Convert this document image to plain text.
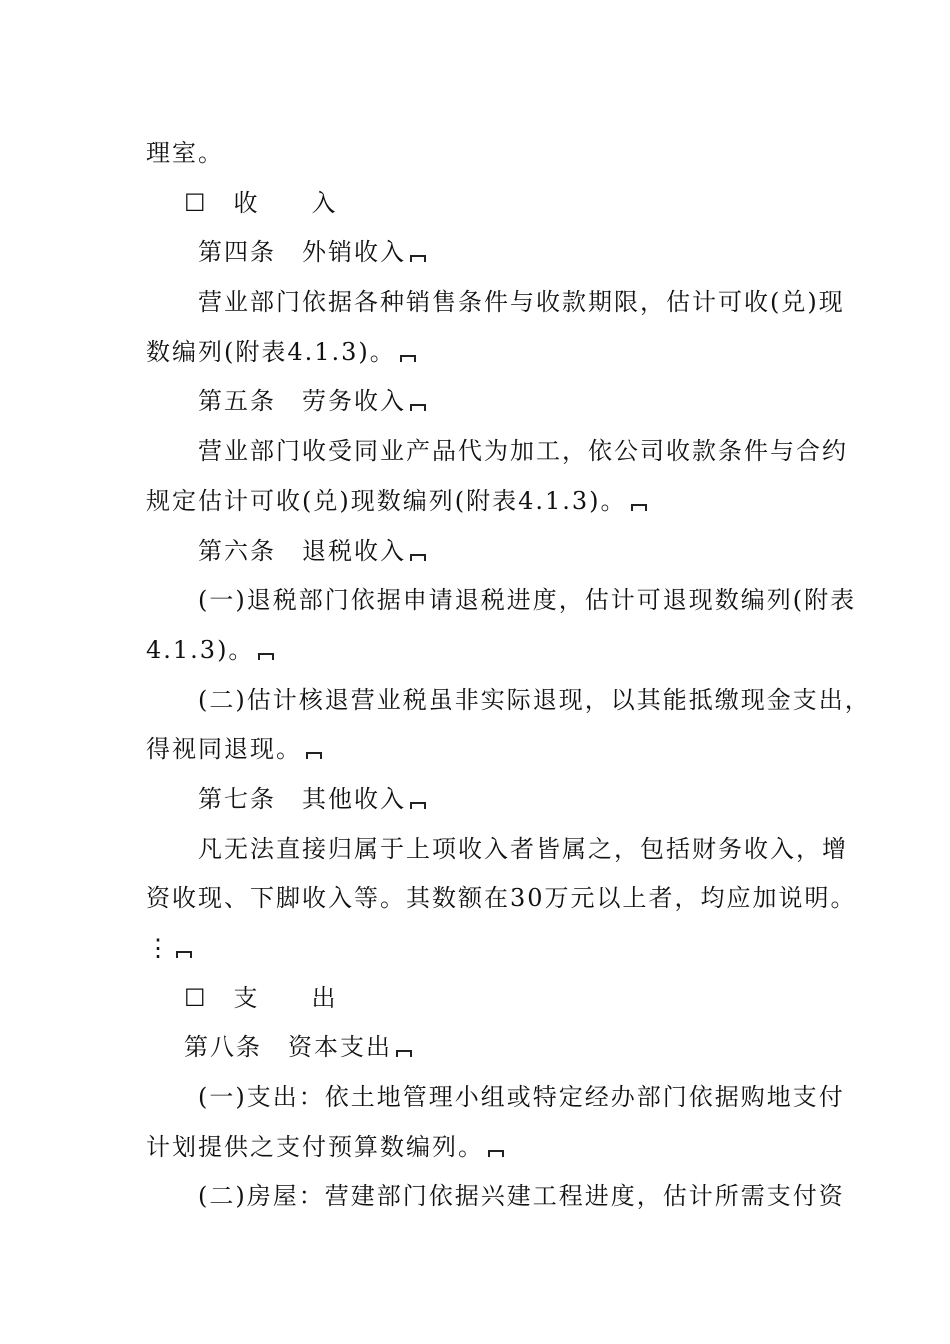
理室。
☐　收　　入
第四条　外销收入
营业部门依据各种销售条件与收款期限，估计可收(兑)现
数编列(附表4.1.3)。
第五条　劳务收入
营业部门收受同业产品代为加工，依公司收款条件与合约
规定估计可收(兑)现数编列(附表4.1.3)。
第六条　退税收入
(一)退税部门依据申请退税进度，估计可退现数编列(附表
4.1.3)。
(二)估计核退营业税虽非实际退现，以其能抵缴现金支出，
得视同退现。
第七条　其他收入
凡无法直接归属于上项收入者皆属之，包括财务收入，增
资收现、下脚收入等。其数额在30万元以上者，均应加说明。
⋮
☐　支　　出
第八条　资本支出
(一)支出：依土地管理小组或特定经办部门依据购地支付
计划提供之支付预算数编列。
(二)房屋：营建部门依据兴建工程进度，估计所需支付资
